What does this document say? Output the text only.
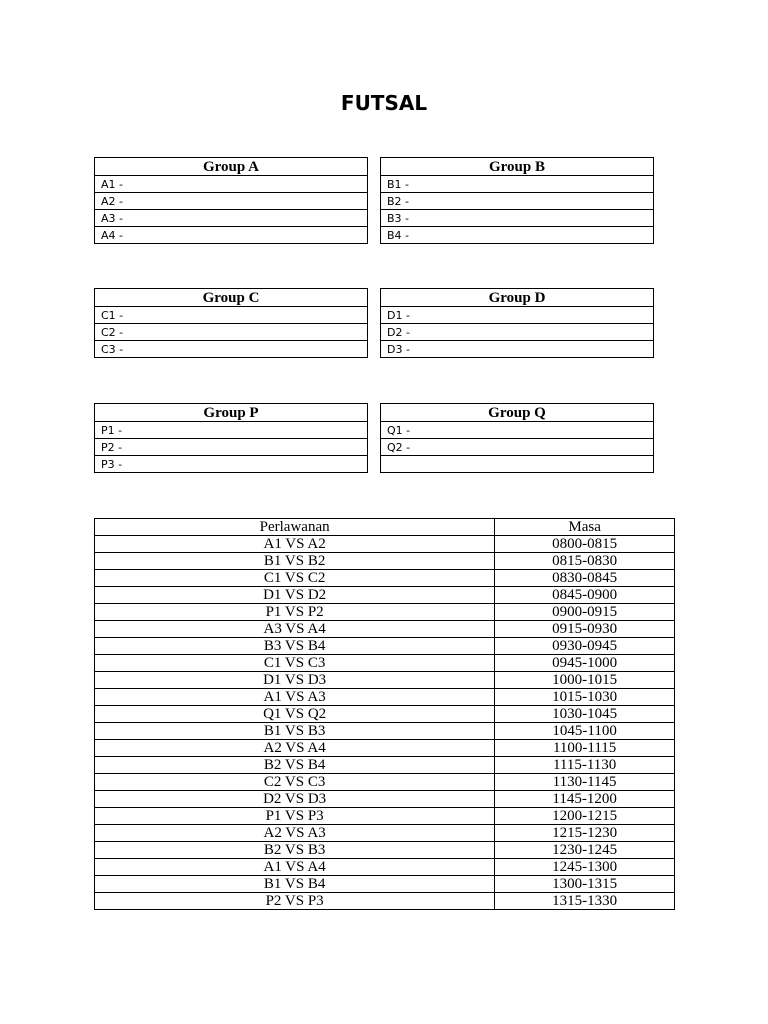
FUTSAL
Group A
A1 -
A2 -
A3 -
A4 -
Group B
B1 -
B2 -
B3 -
B4 -
Group C
C1 -
C2 -
C3 -
Group D
D1 -
D2 -
D3 -
Group P
P1 -
P2 -
P3 -
Group Q
Q1 -
Q2 -

Perlawanan	Masa
A1 VS A2	0800-0815
B1 VS B2	0815-0830
C1 VS C2	0830-0845
D1 VS D2	0845-0900
P1 VS P2	0900-0915
A3 VS A4	0915-0930
B3 VS B4	0930-0945
C1 VS C3	0945-1000
D1 VS D3	1000-1015
A1 VS A3	1015-1030
Q1 VS Q2	1030-1045
B1 VS B3	1045-1100
A2 VS A4	1100-1115
B2 VS B4	1115-1130
C2 VS C3	1130-1145
D2 VS D3	1145-1200
P1 VS P3	1200-1215
A2 VS A3	1215-1230
B2 VS B3	1230-1245
A1 VS A4	1245-1300
B1 VS B4	1300-1315
P2 VS P3	1315-1330
